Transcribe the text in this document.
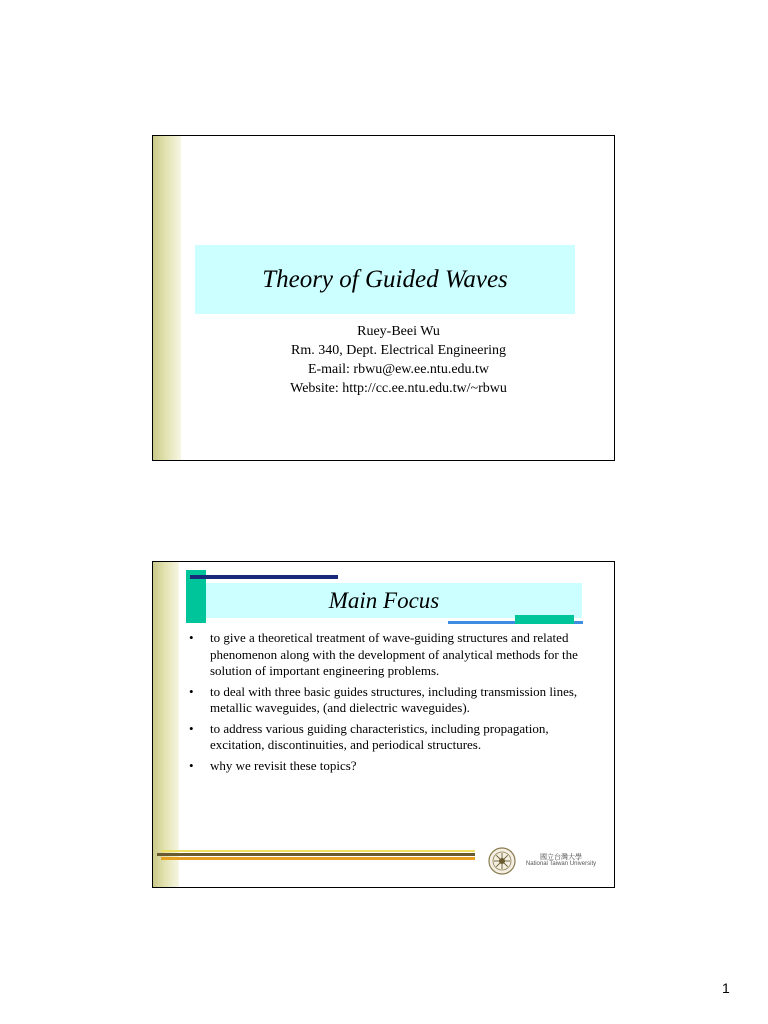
Theory of Guided Waves
Ruey-Beei Wu
Rm. 340, Dept. Electrical Engineering
E-mail: rbwu@ew.ee.ntu.edu.tw
Website: http://cc.ee.ntu.edu.tw/~rbwu
Main Focus
• to give a theoretical treatment of wave-guiding structures and related phenomenon along with the development of analytical methods for the solution of important engineering problems.
• to deal with three basic guides structures, including transmission lines, metallic waveguides, (and dielectric waveguides).
• to address various guiding characteristics, including propagation, excitation, discontinuities, and periodical structures.
• why we revisit these topics?
國立台灣大學
National Taiwan University
1
